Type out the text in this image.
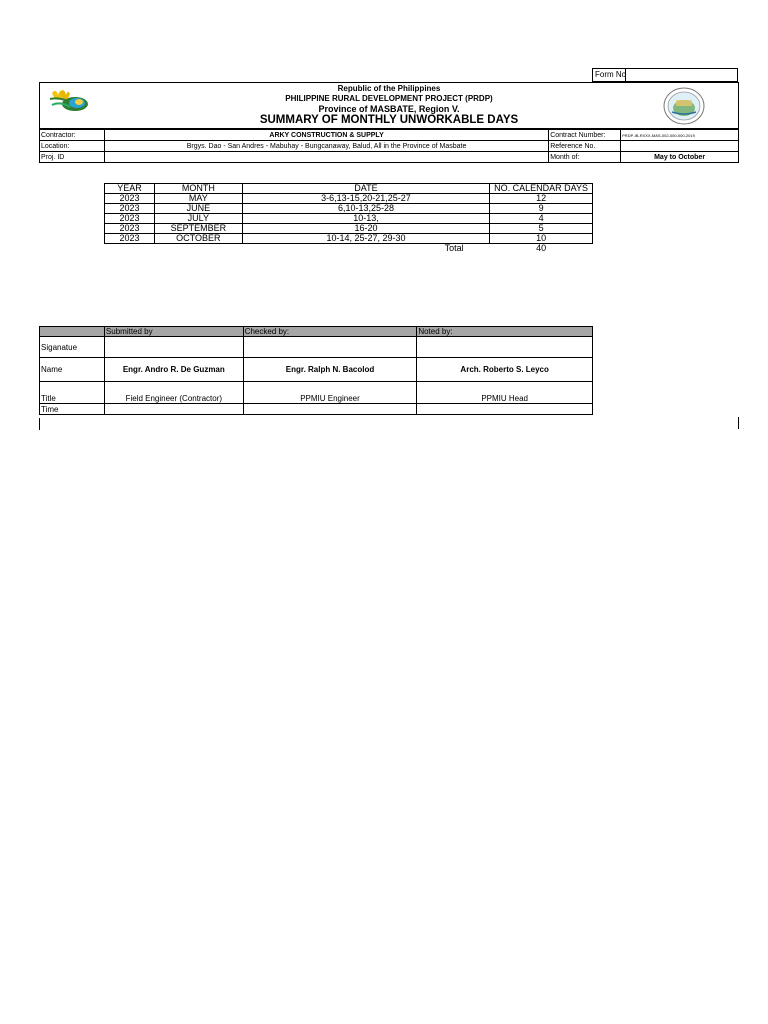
Form No
Republic of the Philippines
PHILIPPINE RURAL DEVELOPMENT PROJECT (PRDP)
Province of MASBATE, Region V.
SUMMARY OF MONTHLY UNWORKABLE DAYS
Contractor:	ARKY CONSTRUCTION & SUPPLY	Contract Number:	PRDP-IB-RXXX-MAS-002-000-000-2019
Location:	Brgys. Dao - San Andres - Mabuhay - Bungcanaway, Balud, All in the Province of Masbate	Reference No.	
Proj. ID		Month of:	May to October
YEAR	MONTH	DATE	NO. CALENDAR DAYS
2023	MAY	3-6,13-15,20-21,25-27	12
2023	JUNE	6,10-13,25-28	9
2023	JULY	10-13,	4
2023	SEPTEMBER	16-20	5
2023	OCTOBER	10-14, 25-27, 29-30	10
		Total	40
	Submitted by	Checked by:	Noted by:
Siganatue			
Name	Engr. Andro R. De Guzman	Engr. Ralph N. Bacolod	Arch. Roberto S. Leyco
Title	Field Engineer (Contractor)	PPMIU Engineer	PPMIU Head
Time			
